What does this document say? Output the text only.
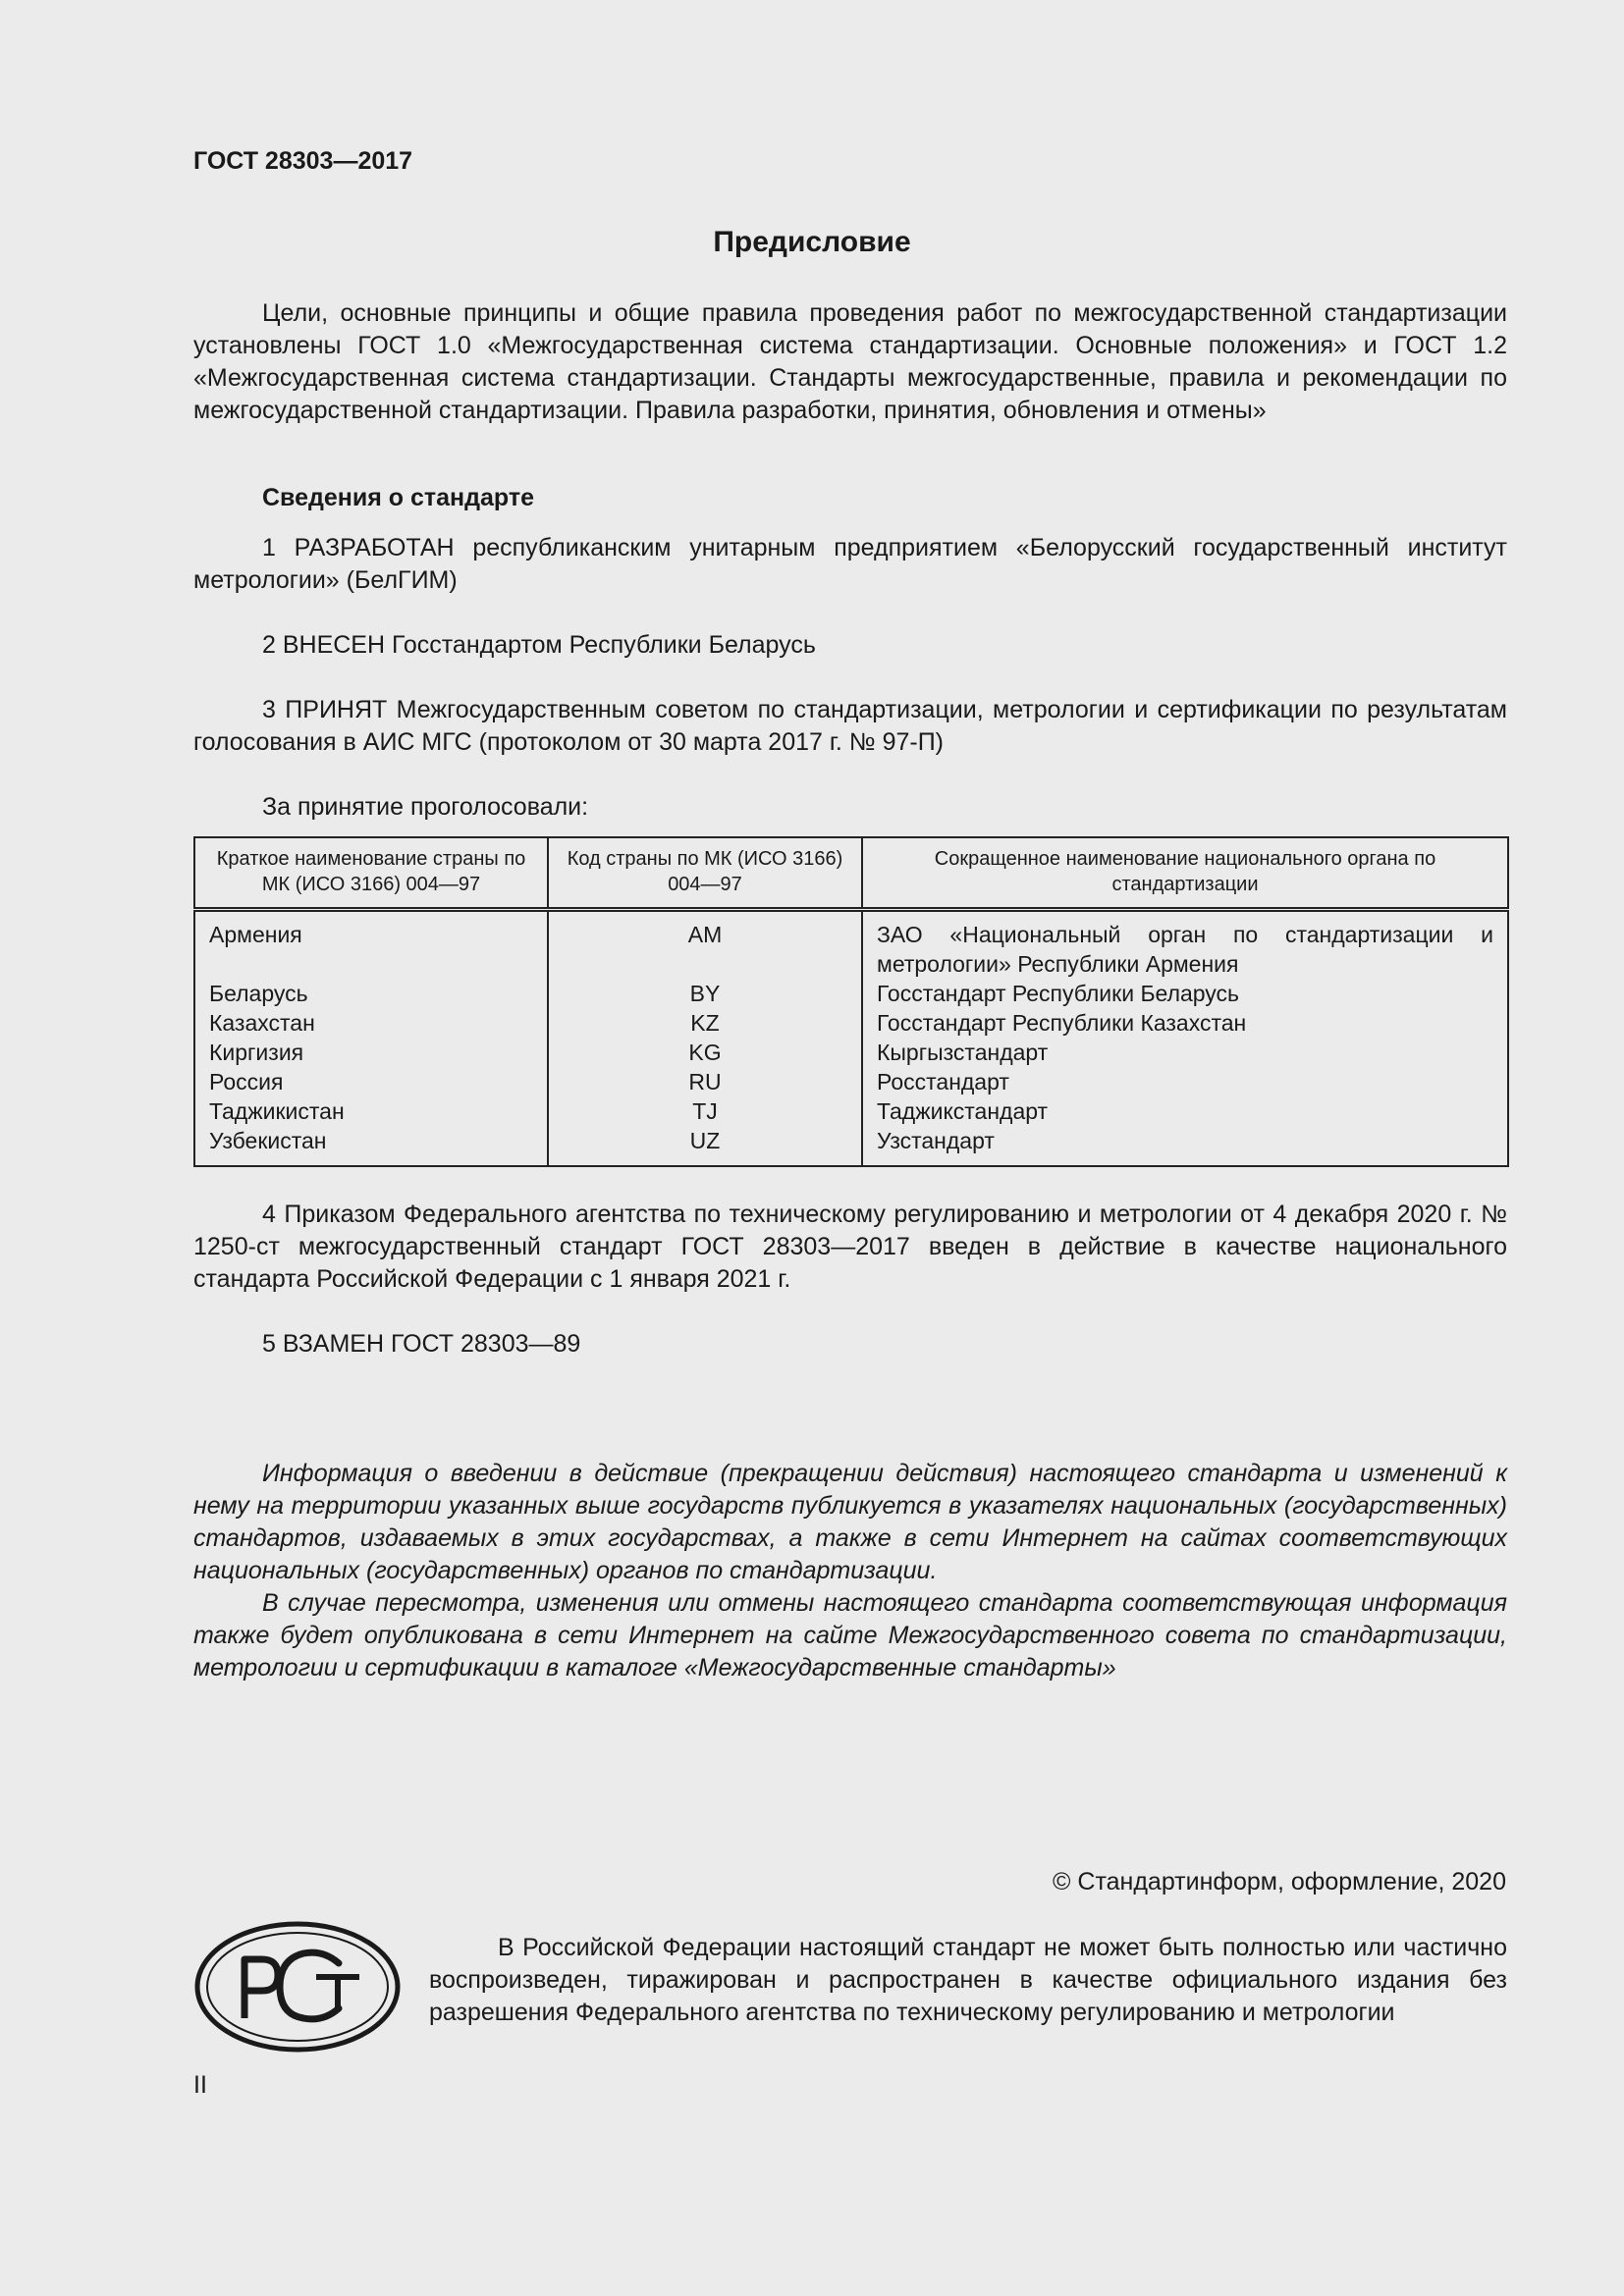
ГОСТ 28303—2017
Предисловие
Цели, основные принципы и общие правила проведения работ по межгосударственной стандартизации установлены ГОСТ 1.0 «Межгосударственная система стандартизации. Основные положения» и ГОСТ 1.2 «Межгосударственная система стандартизации. Стандарты межгосударственные, правила и рекомендации по межгосударственной стандартизации. Правила разработки, принятия, обновления и отмены»
Сведения о стандарте
1 РАЗРАБОТАН республиканским унитарным предприятием «Белорусский государственный институт метрологии» (БелГИМ)
2 ВНЕСЕН Госстандартом Республики Беларусь
3 ПРИНЯТ Межгосударственным советом по стандартизации, метрологии и сертификации по результатам голосования в АИС МГС (протоколом от 30 марта 2017 г. № 97-П)
За принятие проголосовали:
Краткое наименование страны по МК (ИСО 3166) 004—97	Код страны по МК (ИСО 3166) 004—97	Сокращенное наименование национального органа по стандартизации
Армения	AM	ЗАО «Национальный орган по стандартизации и метрологии» Республики Армения
Беларусь	BY	Госстандарт Республики Беларусь
Казахстан	KZ	Госстандарт Республики Казахстан
Киргизия	KG	Кыргызстандарт
Россия	RU	Росстандарт
Таджикистан	TJ	Таджикстандарт
Узбекистан	UZ	Узстандарт
4 Приказом Федерального агентства по техническому регулированию и метрологии от 4 декабря 2020 г. № 1250-ст межгосударственный стандарт ГОСТ 28303—2017 введен в действие в качестве национального стандарта Российской Федерации с 1 января 2021 г.
5 ВЗАМЕН ГОСТ 28303—89
Информация о введении в действие (прекращении действия) настоящего стандарта и изменений к нему на территории указанных выше государств публикуется в указателях национальных (государственных) стандартов, издаваемых в этих государствах, а также в сети Интернет на сайтах соответствующих национальных (государственных) органов по стандартизации.
В случае пересмотра, изменения или отмены настоящего стандарта соответствующая информация также будет опубликована в сети Интернет на сайте Межгосударственного совета по стандартизации, метрологии и сертификации в каталоге «Межгосударственные стандарты»
© Стандартинформ, оформление, 2020
В Российской Федерации настоящий стандарт не может быть полностью или частично воспроизведен, тиражирован и распространен в качестве официального издания без разрешения Федерального агентства по техническому регулированию и метрологии
II
